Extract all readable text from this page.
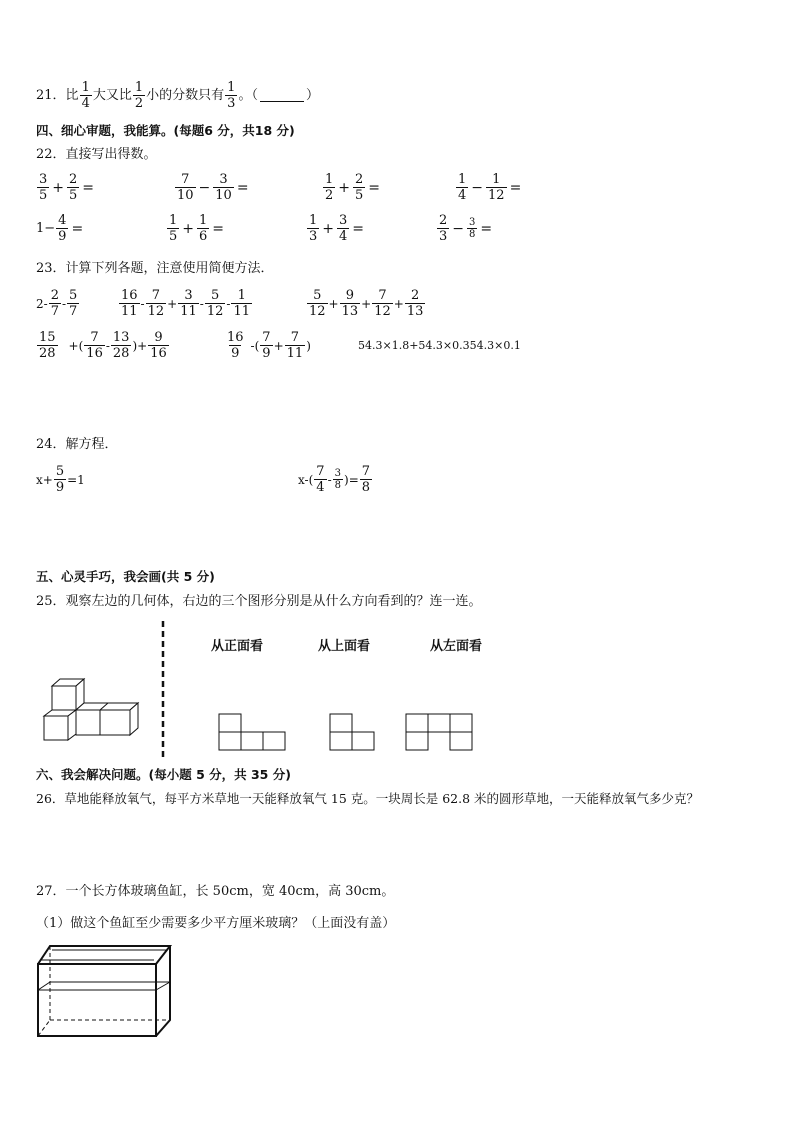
21． 比 $\frac{1}{4}$ 大又比 $\frac{1}{2}$ 小的分数只有 $\frac{1}{3}$ 。（	）
四、细心审题，我能算。(每题6 分，共18 分)
22．直接写出得数。
$\frac{3}{5} + \frac{2}{5}$ =	$\frac{7}{10} - \frac{3}{10}$ =	$\frac{1}{2} + \frac{2}{5}$ =	$\frac{1}{4} - \frac{1}{12}$ =
$1- \frac{4}{9}$ =	$\frac{1}{5} + \frac{1}{6}$ =	$\frac{1}{3} + \frac{3}{4}$ =	$\frac{2}{3} - \frac{3}{8}$ =
23．计算下列各题，注意使用简便方法．
$2- \frac{2}{7} - \frac{5}{7}$	$\frac{16}{11} - \frac{7}{12} + \frac{3}{11} - \frac{5}{12} - \frac{1}{11}$	$\frac{5}{12} + \frac{9}{13} + \frac{7}{12} + \frac{2}{13}$
$\frac{15}{28}$ +( $\frac{7}{16} - \frac{13}{28}$ )+ $\frac{9}{16}$	$\frac{16}{9}$ -( $\frac{7}{9} + \frac{7}{11}$ )	54.3×1.8+54.3×0.354.3×0.1
24．解方程．
$x+ \frac{5}{9} =1$	$x-( \frac{7}{4} - \frac{3}{8}$ )= $\frac{7}{8}$
五、心灵手巧，我会画(共 5 分)
25．观察左边的几何体，右边的三个图形分别是从什么方向看到的？连一连。
从正面看	从上面看	从左面看
六、我会解决问题。(每小题 5 分，共 35 分)
26．草地能释放氧气，每平方米草地一天能释放氧气 15 克。一块周长是 62.8 米的圆形草地，一天能释放氧气多少克？
27．一个长方体玻璃鱼缸，长 50cm，宽 40cm，高 30cm。
（1）做这个鱼缸至少需要多少平方厘米玻璃？（上面没有盖）
